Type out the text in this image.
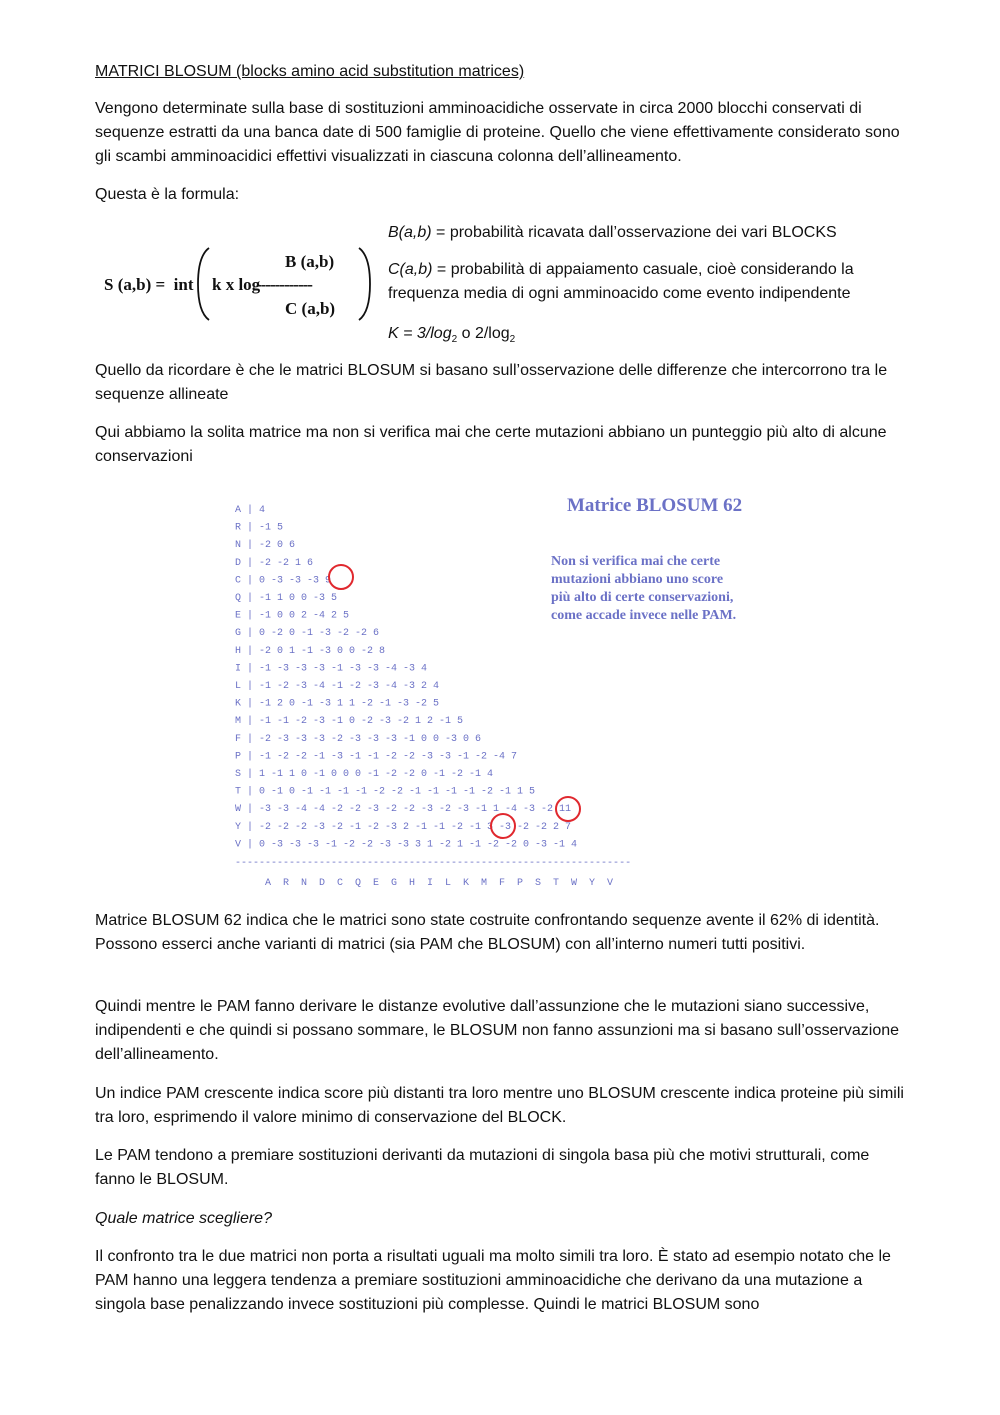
MATRICI BLOSUM (blocks amino acid substitution matrices)

Vengono determinate sulla base di sostituzioni amminoacidiche osservate in circa 2000 blocchi conservati di sequenze estratti da una banca date di 500 famiglie di proteine. Quello che viene effettivamente considerato sono gli scambi amminoacidici effettivi visualizzati in ciascuna colonna dell’allineamento.

Questa è la formula:

S (a,b) = int k x log
B (a,b)
------------
C (a,b)

B(a,b) = probabilità ricavata dall’osservazione dei vari BLOCKS

C(a,b) = probabilità di appaiamento casuale, cioè considerando la frequenza media di ogni amminoacido come evento indipendente

$K = 3/\log_2$ o $2/\log_2$

Quello da ricordare è che le matrici BLOSUM si basano sull’osservazione delle differenze che intercorrono tra le sequenze allineate

Qui abbiamo la solita matrice ma non si verifica mai che certe mutazioni abbiano un punteggio più alto di alcune conservazioni

Matrice BLOSUM 62
Non si verifica mai che certe
mutazioni abbiano uno score
più alto di certe conservazioni,
come accade invece nelle PAM.
A | 4
R | -1 5
N | -2 0 6
D | -2 -2 1 6
C | 0 -3 -3 -3 9
Q | -1 1 0 0 -3 5
E | -1 0 0 2 -4 2 5
G | 0 -2 0 -1 -3 -2 -2 6
H | -2 0 1 -1 -3 0 0 -2 8
I | -1 -3 -3 -3 -1 -3 -3 -4 -3 4
L | -1 -2 -3 -4 -1 -2 -3 -4 -3 2 4
K | -1 2 0 -1 -3 1 1 -2 -1 -3 -2 5
M | -1 -1 -2 -3 -1 0 -2 -3 -2 1 2 -1 5
F | -2 -3 -3 -3 -2 -3 -3 -3 -1 0 0 -3 0 6
P | -1 -2 -2 -1 -3 -1 -1 -2 -2 -3 -3 -1 -2 -4 7
S | 1 -1 1 0 -1 0 0 0 -1 -2 -2 0 -1 -2 -1 4
T | 0 -1 0 -1 -1 -1 -1 -2 -2 -1 -1 -1 -1 -2 -1 1 5
W | -3 -3 -4 -4 -2 -2 -3 -2 -2 -3 -2 -3 -1 1 -4 -3 -2 11
Y | -2 -2 -2 -3 -2 -1 -2 -3 2 -1 -1 -2 -1 3 -3 -2 -2 2 7
V | 0 -3 -3 -3 -1 -2 -2 -3 -3 3 1 -2 1 -1 -2 -2 0 -3 -1 4
------------------------------------------------------------------
A  R  N  D  C  Q  E  G  H  I  L  K  M  F  P  S  T  W  Y  V

Matrice BLOSUM 62 indica che le matrici sono state costruite confrontando sequenze avente il 62% di identità. Possono esserci anche varianti di matrici (sia PAM che BLOSUM) con all’interno numeri tutti positivi.

Quindi mentre le PAM fanno derivare le distanze evolutive dall’assunzione che le mutazioni siano successive, indipendenti e che quindi si possano sommare, le BLOSUM non fanno assunzioni ma si basano sull’osservazione dell’allineamento.

Un indice PAM crescente indica score più distanti tra loro mentre uno BLOSUM crescente indica proteine più simili tra loro, esprimendo il valore minimo di conservazione del BLOCK.

Le PAM tendono a premiare sostituzioni derivanti da mutazioni di singola basa più che motivi strutturali, come fanno le BLOSUM.

Quale matrice scegliere?

Il confronto tra le due matrici non porta a risultati uguali ma molto simili tra loro. È stato ad esempio notato che le PAM hanno una leggera tendenza a premiare sostituzioni amminoacidiche che derivano da una mutazione a singola base penalizzando invece sostituzioni più complesse. Quindi le matrici BLOSUM sono
